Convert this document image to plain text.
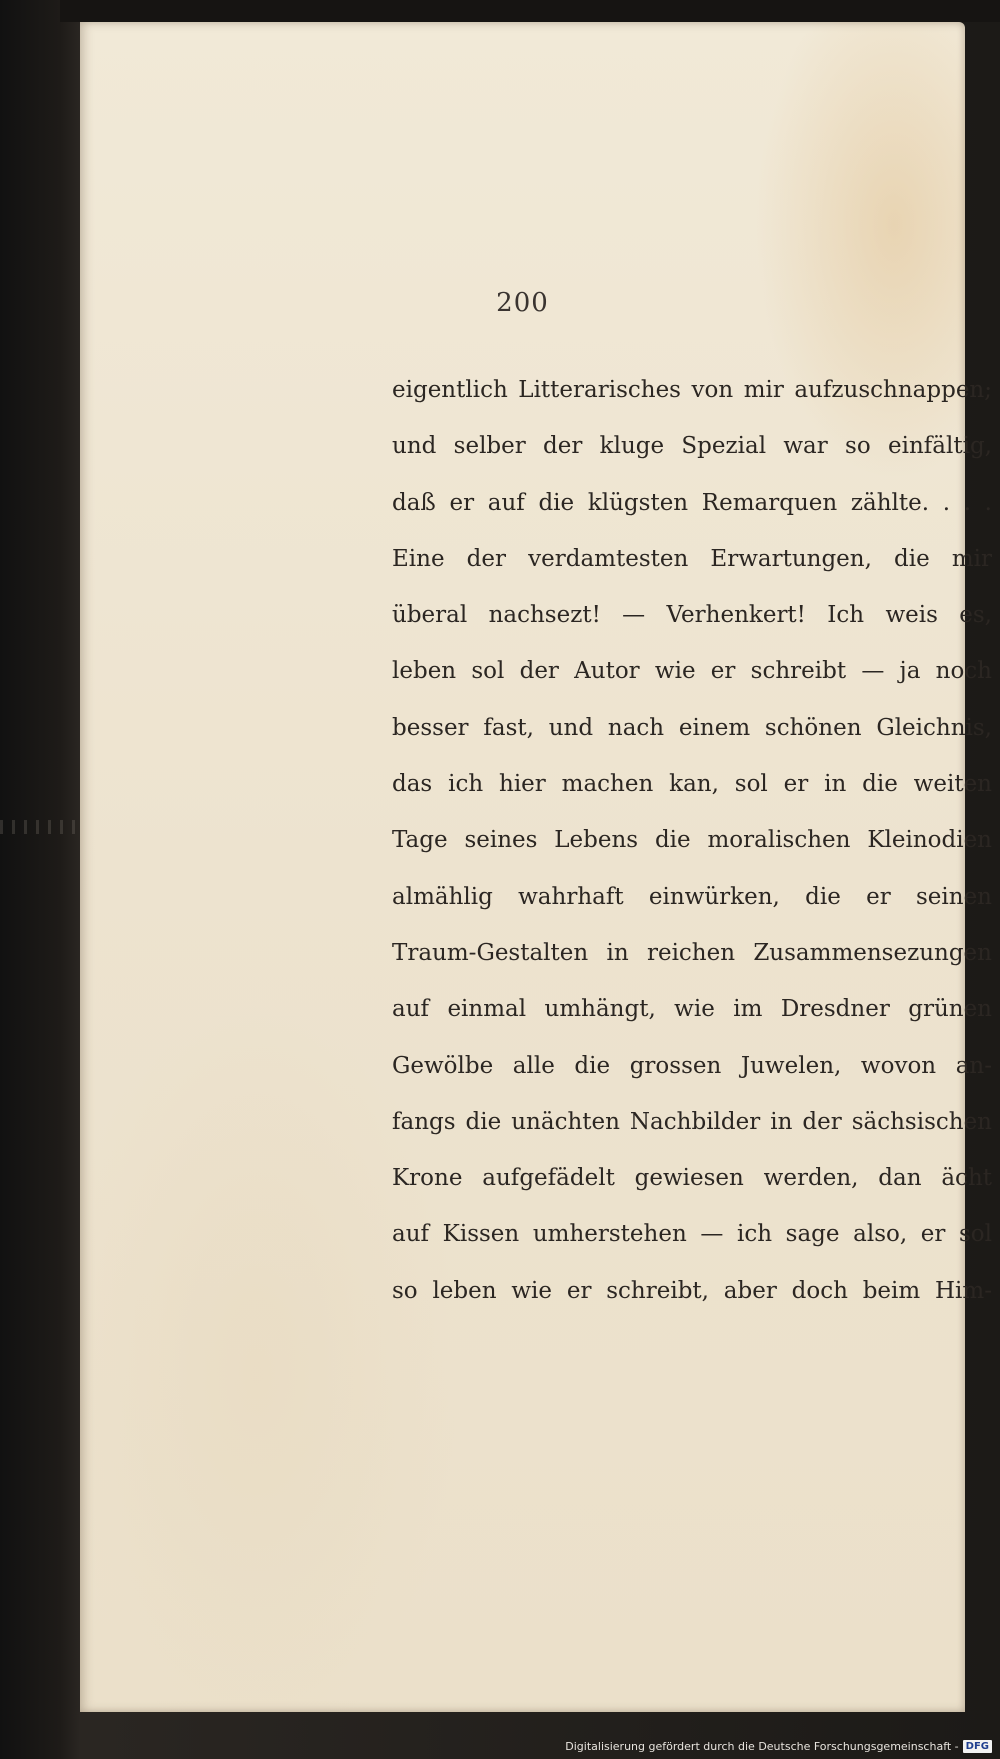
200
eigentlich Litterarisches von mir aufzuschnappen;
und selber der kluge Spezial war so einfältig,
daß er auf die klügsten Remarquen zählte. . . .
Eine der verdamtesten Erwartungen, die mir
überal nachsezt! — Verhenkert! Ich weis es,
leben sol der Autor wie er schreibt — ja noch
besser fast, und nach einem schönen Gleichnis,
das ich hier machen kan, sol er in die weiten
Tage seines Lebens die moralischen Kleinodien
almählig wahrhaft einwürken, die er seinen
Traum-Gestalten in reichen Zusammensezungen
auf einmal umhängt, wie im Dresdner grünen
Gewölbe alle die grossen Juwelen, wovon an-
fangs die unächten Nachbilder in der sächsischen
Krone aufgefädelt gewiesen werden, dan ächt
auf Kissen umherstehen — ich sage also, er sol
so leben wie er schreibt, aber doch beim Him-
Digitalisierung gefördert durch die Deutsche Forschungsgemeinschaft - DFG
